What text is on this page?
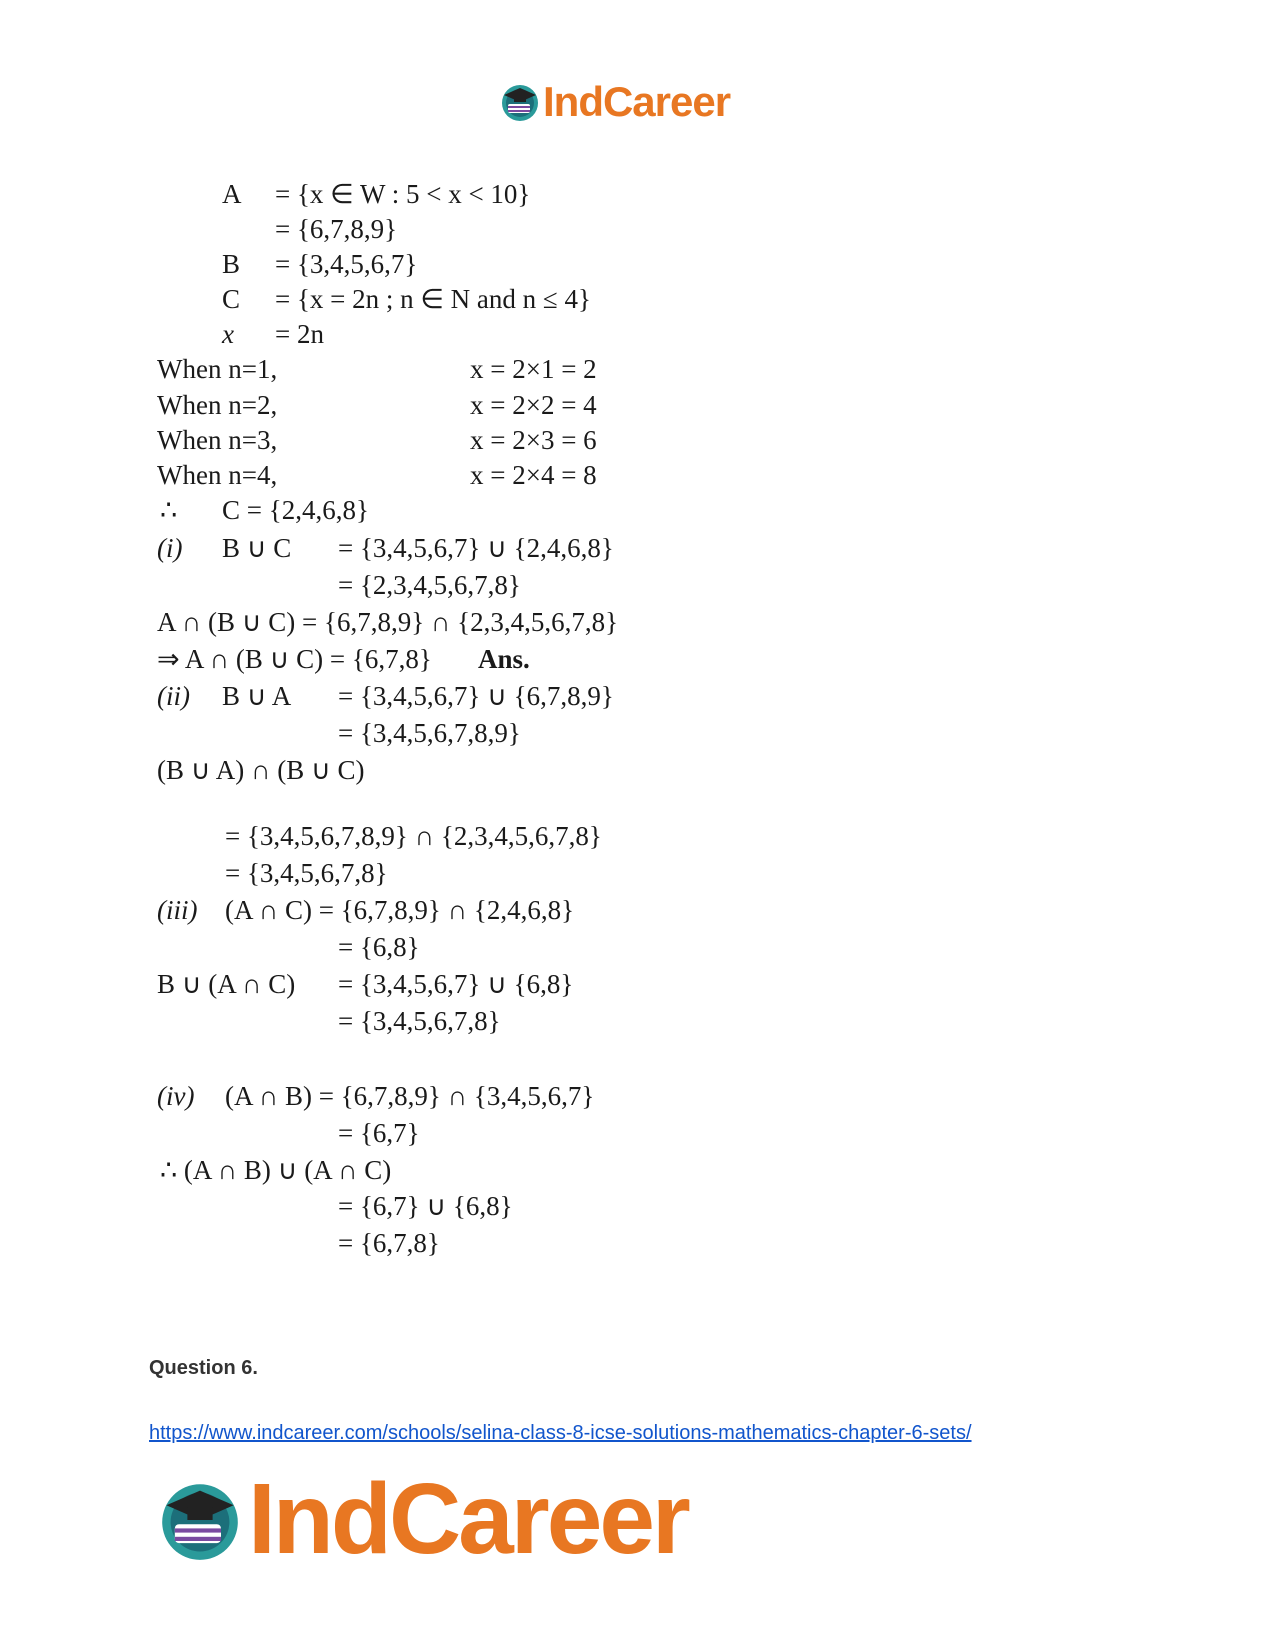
IndCareer
A = {x ∈ W : 5 < x < 10}
= {6,7,8,9}
B = {3,4,5,6,7}
C = {x = 2n ; n ∈ N and n ≤ 4}
x = 2n
When n=1,	x = 2×1 = 2
When n=2,	x = 2×2 = 4
When n=3,	x = 2×3 = 6
When n=4,	x = 2×4 = 8
∴ C = {2,4,6,8}
(i) B ∪ C = {3,4,5,6,7} ∪ {2,4,6,8}
= {2,3,4,5,6,7,8}
A ∩ (B ∪ C) = {6,7,8,9} ∩ {2,3,4,5,6,7,8}
⇒ A ∩ (B ∪ C) = {6,7,8} Ans.
(ii) B ∪ A = {3,4,5,6,7} ∪ {6,7,8,9}
= {3,4,5,6,7,8,9}
(B ∪ A) ∩ (B ∪ C)
= {3,4,5,6,7,8,9} ∩ {2,3,4,5,6,7,8}
= {3,4,5,6,7,8}
(iii) (A ∩ C) = {6,7,8,9} ∩ {2,4,6,8}
= {6,8}
B ∪ (A ∩ C) = {3,4,5,6,7} ∪ {6,8}
= {3,4,5,6,7,8}
(iv) (A ∩ B) = {6,7,8,9} ∩ {3,4,5,6,7}
= {6,7}
∴ (A ∩ B) ∪ (A ∩ C)
= {6,7} ∪ {6,8}
= {6,7,8}
Question 6.
https://www.indcareer.com/schools/selina-class-8-icse-solutions-mathematics-chapter-6-sets/
IndCareer
